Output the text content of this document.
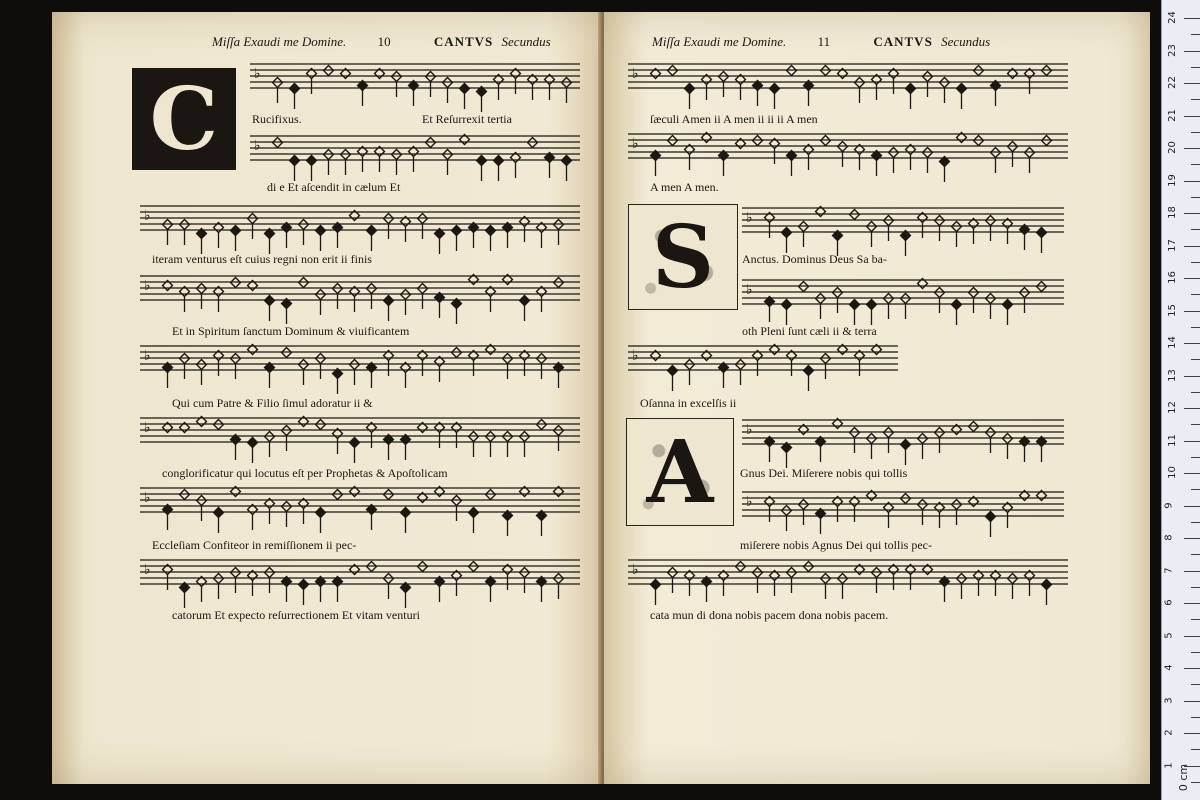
Miſſa Exaudi me Domine. 10	CANTVS Secundus
C	Rucifixus.	Et Reſurrexit tertia
di e Et aſcendit in cælum Et
iteram venturus eſt cuius regni non erit ii finis
Et in Spiritum ſanctum Dominum & viuificantem
Qui cum Patre & Filio ſimul adoratur ii &
conglorificatur qui locutus eſt per Prophetas & Apoſtolicam
Eccleſiam Confiteor in remiſſionem ii pec-
catorum Et expecto reſurrectionem Et vitam venturi
Miſſa Exaudi me Domine. 11	CANTVS Secundus
ſæculi Amen ii A men ii ii ii A men
A men A men.
S	Anctus. Dominus Deus Sa ba-
oth Pleni ſunt cæli ii & terra
Oſanna in excelſis ii
A	Gnus Dei. Miſerere nobis qui tollis
miſerere nobis Agnus Dei qui tollis pec-
cata mun di dona nobis pacem dona nobis pacem.
♭
♭
♭
♭
♭
♭
♭
♭
♭
♭
♭
♭
♭
♭
♭
♭
24
23
22
21
20
19
18
17
16
15
14
13
12
11
10
9
8
7
6
5
4
3
2
1 0 cm
